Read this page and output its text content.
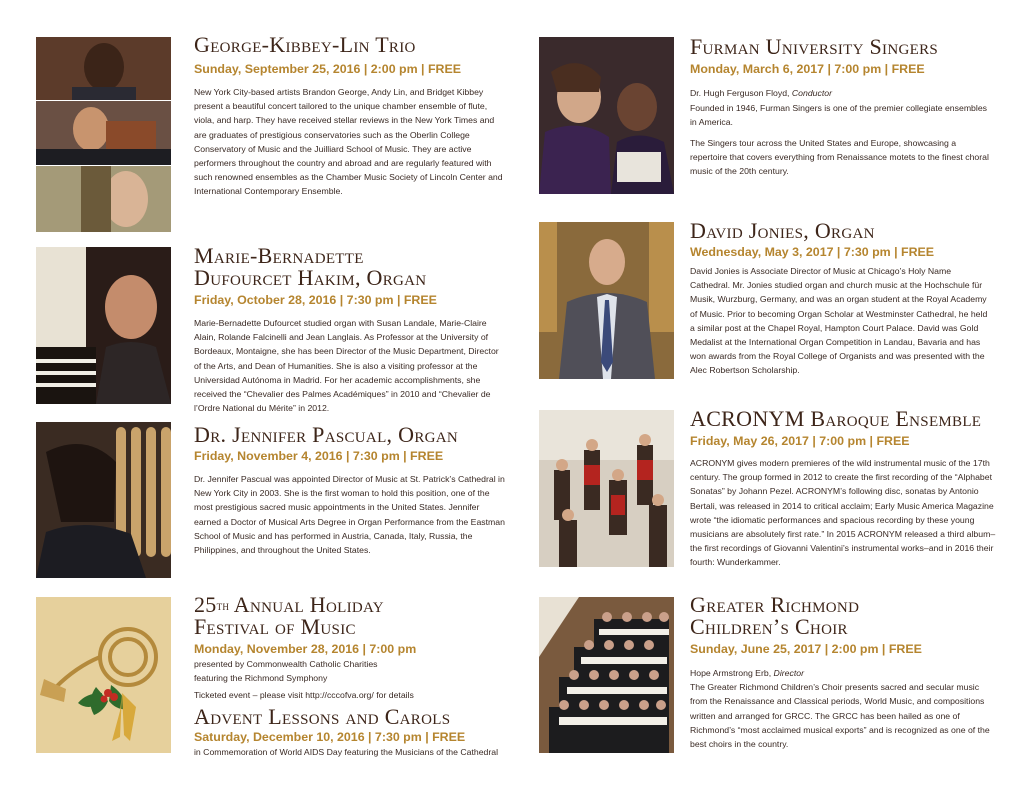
George-Kibbey-Lin Trio
Sunday, September 25, 2016 | 2:00 pm | FREE
New York City-based artists Brandon George, Andy Lin, and Bridget Kibbey present a beautiful concert tailored to the unique chamber ensemble of flute, viola, and harp. They have received stellar reviews in the New York Times and are graduates of prestigious conservatories such as the Oberlin College Conservatory of Music and the Juilliard School of Music. They are active performers throughout the country and abroad and are regularly featured with such renowned ensembles as the Chamber Music Society of Lincoln Center and International Contemporary Ensemble.
Marie-Bernadette
Dufourcet Hakim, Organ
Friday, October 28, 2016 | 7:30 pm | FREE
Marie-Bernadette Dufourcet studied organ with Susan Landale, Marie-Claire Alain, Rolande Falcinelli and Jean Langlais. As Professor at the University of Bordeaux, Montaigne, she has been Director of the Music Department, Director of the Arts, and Dean of Humanities. She is also a visiting professor at the Universidad Autónoma in Madrid. For her academic accomplishments, she received the “Chevalier des Palmes Académiques” in 2010 and “Chevalier de l’Ordre National du Mérite” in 2012.
Dr. Jennifer Pascual, Organ
Friday, November 4, 2016 | 7:30 pm | FREE
Dr. Jennifer Pascual was appointed Director of Music at St. Patrick’s Cathedral in New York City in 2003. She is the first woman to hold this position, one of the most prestigious sacred music appointments in the United States. Jennifer earned a Doctor of Musical Arts Degree in Organ Performance from the Eastman School of Music and has performed in Austria, Canada, Italy, Russia, the Philippines, and throughout the United States.
25th Annual Holiday
Festival of Music
Monday, November 28, 2016 | 7:00 pm
presented by Commonwealth Catholic Charities
featuring the Richmond Symphony
Ticketed event – please visit http://cccofva.org/ for details
Advent Lessons and Carols
Saturday, December 10, 2016 | 7:30 pm | FREE
in Commemoration of World AIDS Day featuring the Musicians of the Cathedral
Furman University Singers
Monday, March 6, 2017 | 7:00 pm | FREE

Dr. Hugh Ferguson Floyd, Conductor

Founded in 1946, Furman Singers is one of the premier collegiate ensembles in America.

The Singers tour across the United States and Europe, showcasing a repertoire that covers everything from Renaissance motets to the finest choral music of the 20th century.

David Jonies, Organ
Wednesday, May 3, 2017 | 7:30 pm | FREE
David Jonies is Associate Director of Music at Chicago’s Holy Name Cathedral. Mr. Jonies studied organ and church music at the Hochschule für Musik, Wurzburg, Germany, and was an organ student at the Royal Academy of Music. Prior to becoming Organ Scholar at Westminster Cathedral, he held a similar post at the Chapel Royal, Hampton Court Palace. David was Gold Medalist at the International Organ Competition in Landau, Bavaria and has won awards from the Royal College of Organists and was presented with the Alec Robertson Scholarship.
ACRONYM Baroque Ensemble
Friday, May 26, 2017 | 7:00 pm | FREE
ACRONYM gives modern premieres of the wild instrumental music of the 17th century. The group formed in 2012 to create the first recording of the “Alphabet Sonatas” by Johann Pezel. ACRONYM’s following disc, sonatas by Antonio Bertali, was released in 2014 to critical acclaim; Early Music America Magazine wrote “the idiomatic performances and spacious recording by these young musicians are absolutely first rate.” In 2015 ACRONYM released a third album–the first recordings of Giovanni Valentini’s instrumental works–and in 2016 their fourth: Wunderkammer.
Greater Richmond
Children’s Choir
Sunday, June 25, 2017 | 2:00 pm | FREE
Hope Armstrong Erb, Director
The Greater Richmond Children’s Choir presents sacred and secular music from the Renaissance and Classical periods, World Music, and compositions written and arranged for GRCC. The GRCC has been hailed as one of Richmond’s “most acclaimed musical exports” and is recognized as one of the best choirs in the country.
